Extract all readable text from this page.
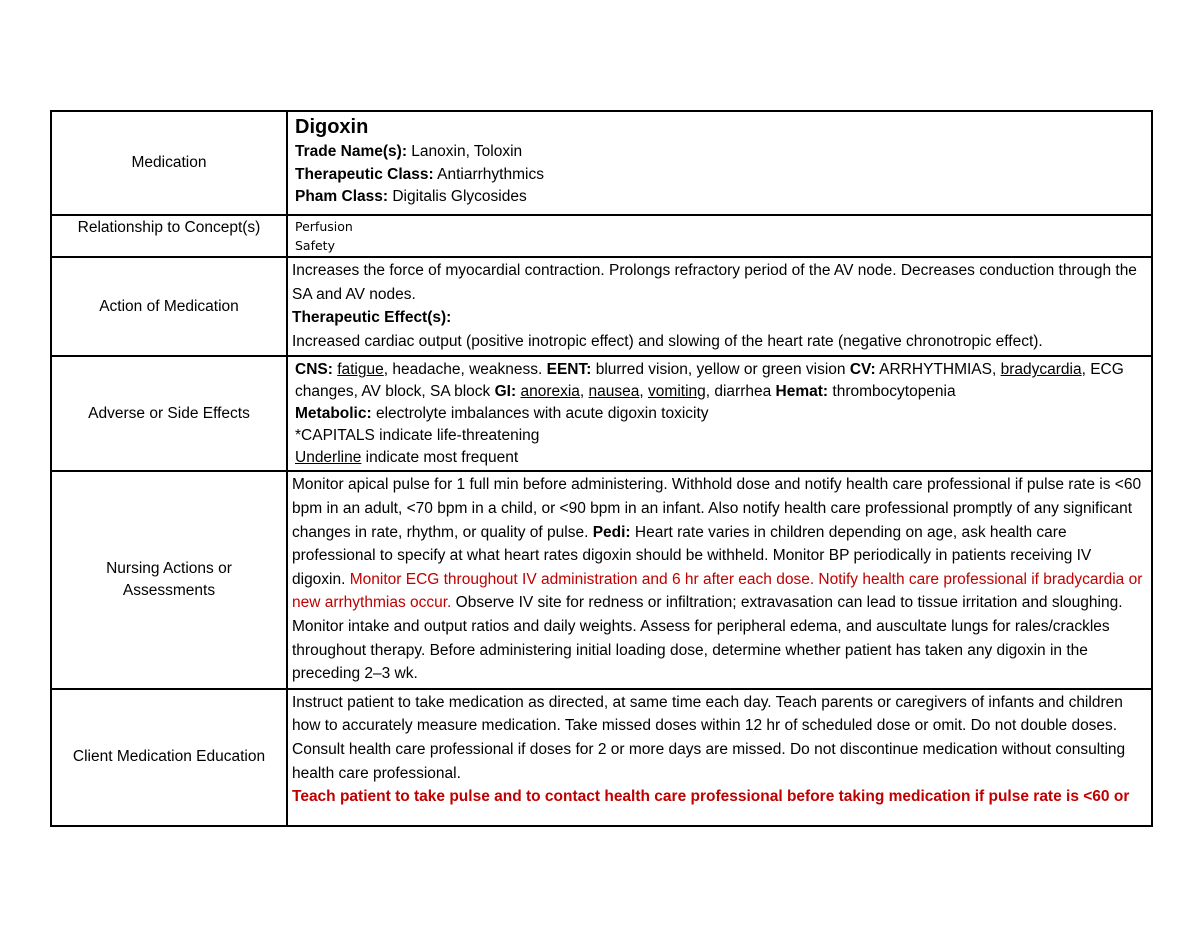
Medication	Digoxin
Trade Name(s): Lanoxin, Toloxin
Therapeutic Class: Antiarrhythmics
Pham Class: Digitalis Glycosides

Relationship to Concept(s)	Perfusion
Safety

Action of Medication	Increases the force of myocardial contraction. Prolongs refractory period of the AV node. Decreases conduction through the SA and AV nodes.
Therapeutic Effect(s):
Increased cardiac output (positive inotropic effect) and slowing of the heart rate (negative chronotropic effect).

Adverse or Side Effects	CNS: fatigue, headache, weakness. EENT: blurred vision, yellow or green vision CV: ARRHYTHMIAS, bradycardia, ECG changes, AV block, SA block GI: anorexia, nausea, vomiting, diarrhea Hemat: thrombocytopenia
Metabolic: electrolyte imbalances with acute digoxin toxicity
*CAPITALS indicate life-threatening
Underline indicate most frequent

Nursing Actions or Assessments	Monitor apical pulse for 1 full min before administering. Withhold dose and notify health care professional if pulse rate is <60 bpm in an adult, <70 bpm in a child, or <90 bpm in an infant. Also notify health care professional promptly of any significant changes in rate, rhythm, or quality of pulse. Pedi: Heart rate varies in children depending on age, ask health care professional to specify at what heart rates digoxin should be withheld. Monitor BP periodically in patients receiving IV digoxin. Monitor ECG throughout IV administration and 6 hr after each dose. Notify health care professional if bradycardia or new arrhythmias occur. Observe IV site for redness or infiltration; extravasation can lead to tissue irritation and sloughing. Monitor intake and output ratios and daily weights. Assess for peripheral edema, and auscultate lungs for rales/crackles throughout therapy. Before administering initial loading dose, determine whether patient has taken any digoxin in the preceding 2–3 wk.
Client Medication Education	Instruct patient to take medication as directed, at same time each day. Teach parents or caregivers of infants and children how to accurately measure medication. Take missed doses within 12 hr of scheduled dose or omit. Do not double doses. Consult health care professional if doses for 2 or more days are missed. Do not discontinue medication without consulting health care professional.
Teach patient to take pulse and to contact health care professional before taking medication if pulse rate is <60 or
